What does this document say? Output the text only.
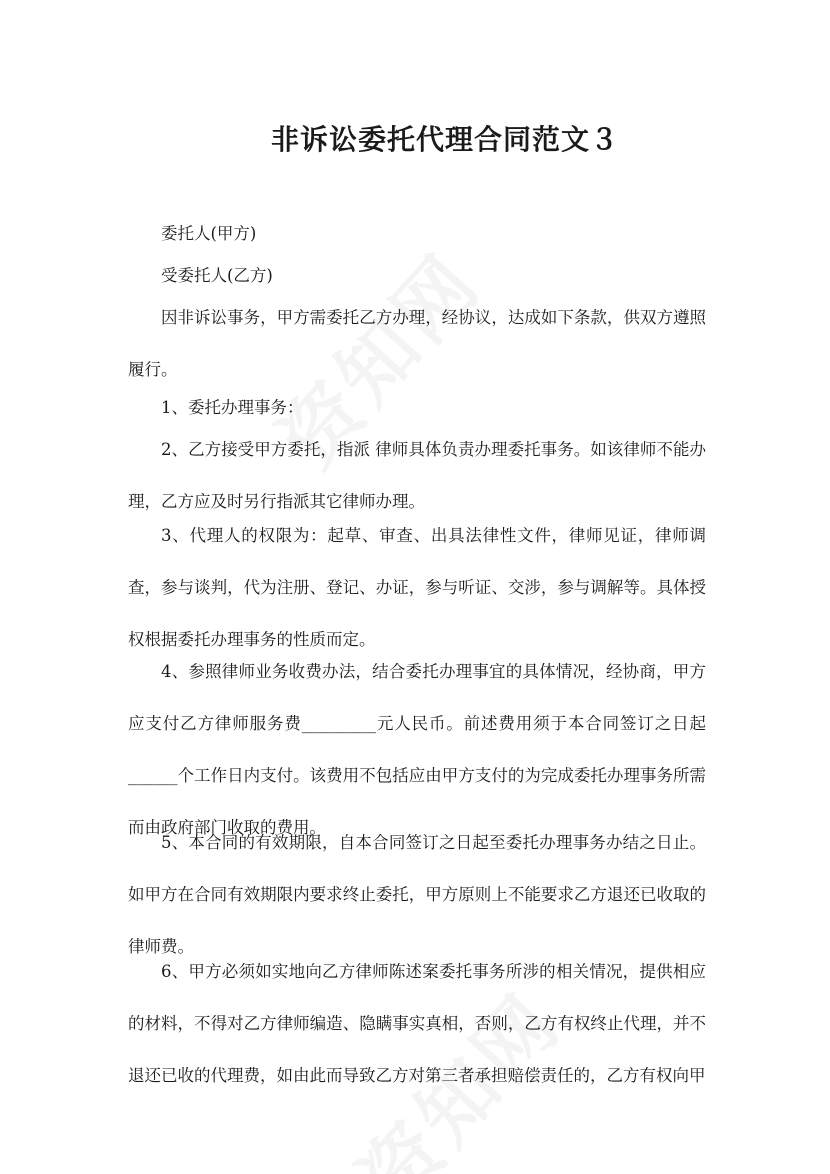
非诉讼委托代理合同范文３

委托人(甲方)

受委托人(乙方)

因非诉讼事务，甲方需委托乙方办理，经协议，达成如下条款，供双方遵照履行。

1、委托办理事务：

2、乙方接受甲方委托，指派 律师具体负责办理委托事务。如该律师不能办理，乙方应及时另行指派其它律师办理。

3、代理人的权限为：起草、审查、出具法律性文件，律师见证，律师调查，参与谈判，代为注册、登记、办证，参与听证、交涉，参与调解等。具体授权根据委托办理事务的性质而定。

4、参照律师业务收费办法，结合委托办理事宜的具体情况，经协商，甲方应支付乙方律师服务费_________元人民币。前述费用须于本合同签订之日起______个工作日内支付。该费用不包括应由甲方支付的为完成委托办理事务所需而由政府部门收取的费用。

5、本合同的有效期限，自本合同签订之日起至委托办理事务办结之日止。如甲方在合同有效期限内要求终止委托，甲方原则上不能要求乙方退还已收取的律师费。

6、甲方必须如实地向乙方律师陈述案委托事务所涉的相关情况，提供相应的材料，不得对乙方律师编造、隐瞒事实真相，否则，乙方有权终止代理，并不退还已收的代理费，如由此而导致乙方对第三者承担赔偿责任的，乙方有权向甲
